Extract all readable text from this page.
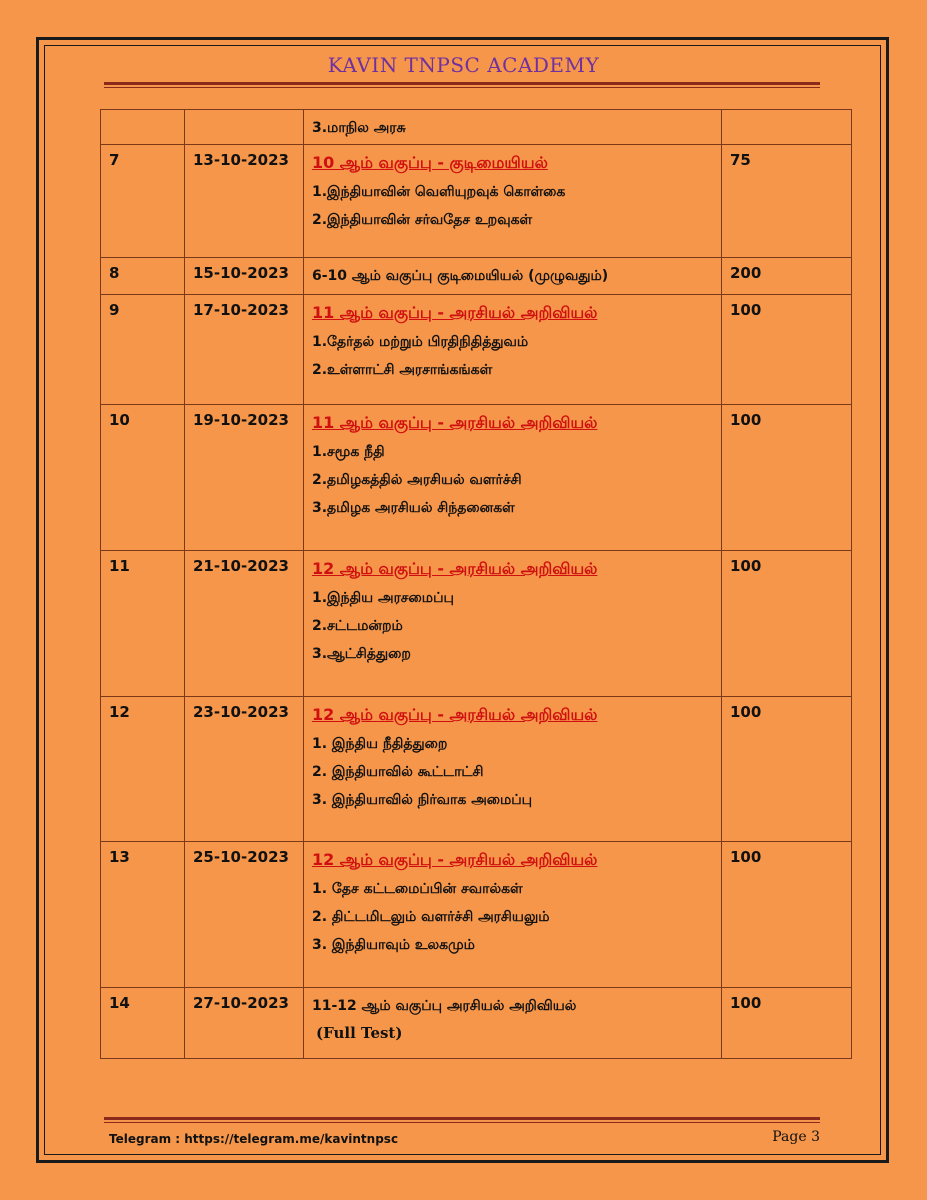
KAVIN TNPSC ACADEMY

		3.மாநில அரசு	

7	13-10-2023	10 ஆம் வகுப்பு - குடிமையியல்
1.இந்தியாவின் வெளியுறவுக் கொள்கை
2.இந்தியாவின் சர்வதேச உறவுகள்	75
8	15-10-2023	6-10 ஆம் வகுப்பு குடிமையியல் (முழுவதும்)	200
9	17-10-2023	11 ஆம் வகுப்பு - அரசியல் அறிவியல்
1.தேர்தல் மற்றும் பிரதிநிதித்துவம்
2.உள்ளாட்சி அரசாங்கங்கள்	100
10	19-10-2023	11 ஆம் வகுப்பு - அரசியல் அறிவியல்
1.சமூக நீதி
2.தமிழகத்தில் அரசியல் வளர்ச்சி
3.தமிழக அரசியல் சிந்தனைகள்	100
11	21-10-2023	12 ஆம் வகுப்பு - அரசியல் அறிவியல்
1.இந்திய அரசமைப்பு
2.சட்டமன்றம்
3.ஆட்சித்துறை	100
12	23-10-2023	12 ஆம் வகுப்பு - அரசியல் அறிவியல்
1. இந்திய நீதித்துறை
2. இந்தியாவில் கூட்டாட்சி
3. இந்தியாவில் நிர்வாக அமைப்பு	100
13	25-10-2023	12 ஆம் வகுப்பு - அரசியல் அறிவியல்
1. தேச கட்டமைப்பின் சவால்கள்
2. திட்டமிடலும் வளர்ச்சி அரசியலும்
3. இந்தியாவும் உலகமும்	100
14	27-10-2023	11-12 ஆம் வகுப்பு அரசியல் அறிவியல்
(Full Test)	100
Telegram : https://telegram.me/kavintnpsc	Page 3
